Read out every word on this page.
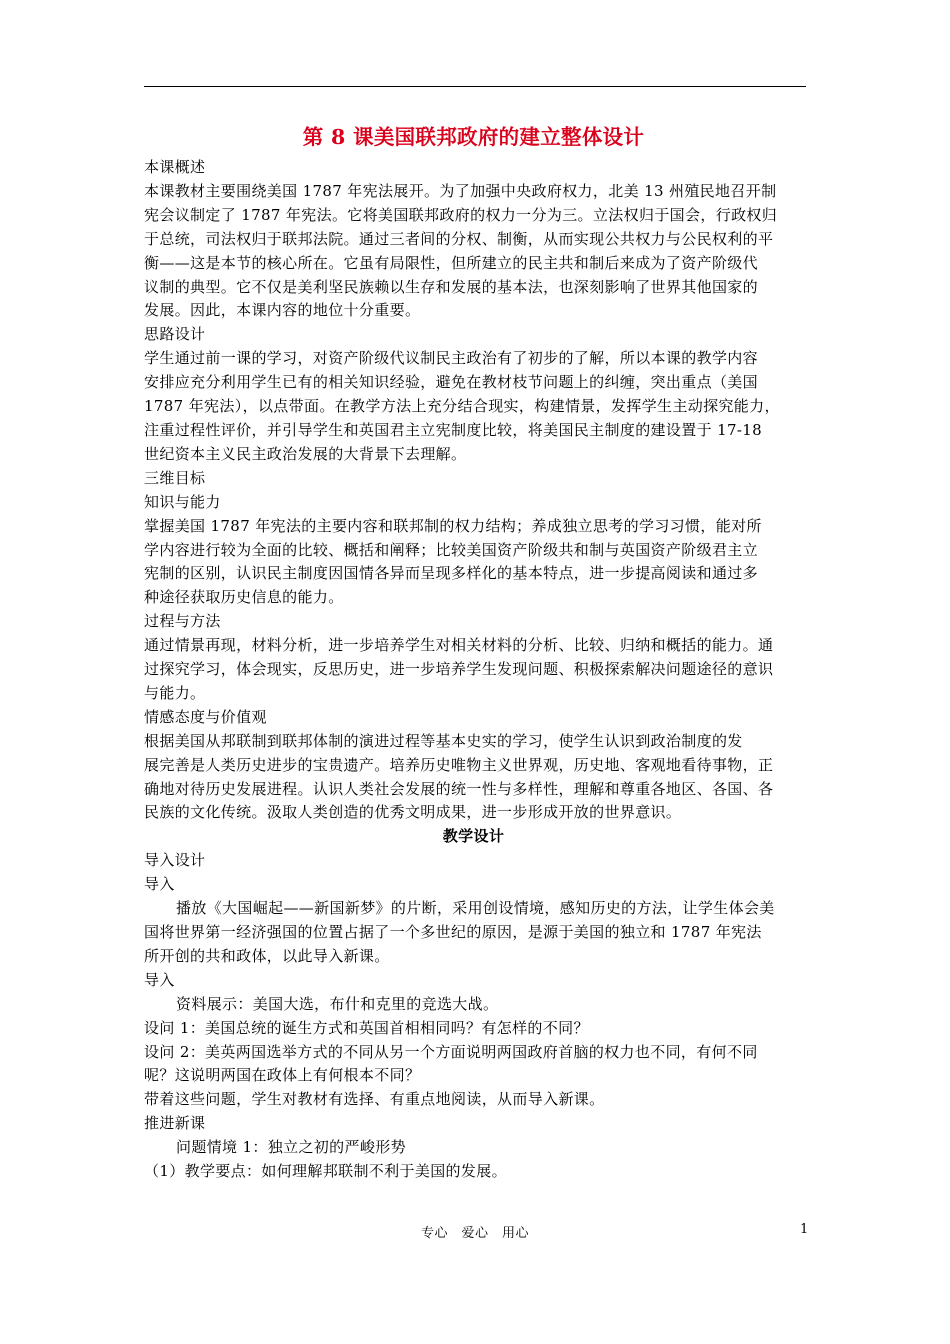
第 8 课美国联邦政府的建立整体设计
本课概述
本课教材主要围绕美国 1787 年宪法展开。为了加强中央政府权力，北美 13 州殖民地召开制
宪会议制定了 1787 年宪法。它将美国联邦政府的权力一分为三。立法权归于国会，行政权归
于总统，司法权归于联邦法院。通过三者间的分权、制衡，从而实现公共权力与公民权利的平
衡——这是本节的核心所在。它虽有局限性，但所建立的民主共和制后来成为了资产阶级代
议制的典型。它不仅是美利坚民族赖以生存和发展的基本法，也深刻影响了世界其他国家的
发展。因此，本课内容的地位十分重要。
思路设计
学生通过前一课的学习，对资产阶级代议制民主政治有了初步的了解，所以本课的教学内容
安排应充分利用学生已有的相关知识经验，避免在教材枝节问题上的纠缠，突出重点（美国
1787 年宪法），以点带面。在教学方法上充分结合现实，构建情景，发挥学生主动探究能力，
注重过程性评价，并引导学生和英国君主立宪制度比较，将美国民主制度的建设置于 17-18
世纪资本主义民主政治发展的大背景下去理解。
三维目标
知识与能力
掌握美国 1787 年宪法的主要内容和联邦制的权力结构；养成独立思考的学习习惯，能对所
学内容进行较为全面的比较、概括和阐释；比较美国资产阶级共和制与英国资产阶级君主立
宪制的区别，认识民主制度因国情各异而呈现多样化的基本特点，进一步提高阅读和通过多
种途径获取历史信息的能力。
过程与方法
通过情景再现，材料分析，进一步培养学生对相关材料的分析、比较、归纳和概括的能力。通
过探究学习，体会现实，反思历史，进一步培养学生发现问题、积极探索解决问题途径的意识
与能力。
情感态度与价值观
根据美国从邦联制到联邦体制的演进过程等基本史实的学习，使学生认识到政治制度的发
展完善是人类历史进步的宝贵遗产。培养历史唯物主义世界观，历史地、客观地看待事物，正
确地对待历史发展进程。认识人类社会发展的统一性与多样性，理解和尊重各地区、各国、各
民族的文化传统。汲取人类创造的优秀文明成果，进一步形成开放的世界意识。
教学设计
导入设计
导入
播放《大国崛起——新国新梦》的片断，采用创设情境，感知历史的方法，让学生体会美
国将世界第一经济强国的位置占据了一个多世纪的原因，是源于美国的独立和 1787 年宪法
所开创的共和政体，以此导入新课。
导入
资料展示：美国大选，布什和克里的竞选大战。
设问 1：美国总统的诞生方式和英国首相相同吗？有怎样的不同？
设问 2：美英两国选举方式的不同从另一个方面说明两国政府首脑的权力也不同，有何不同
呢？这说明两国在政体上有何根本不同？
带着这些问题，学生对教材有选择、有重点地阅读，从而导入新课。
推进新课
问题情境 1：独立之初的严峻形势
（1）教学要点：如何理解邦联制不利于美国的发展。
专心　爱心　用心	1
